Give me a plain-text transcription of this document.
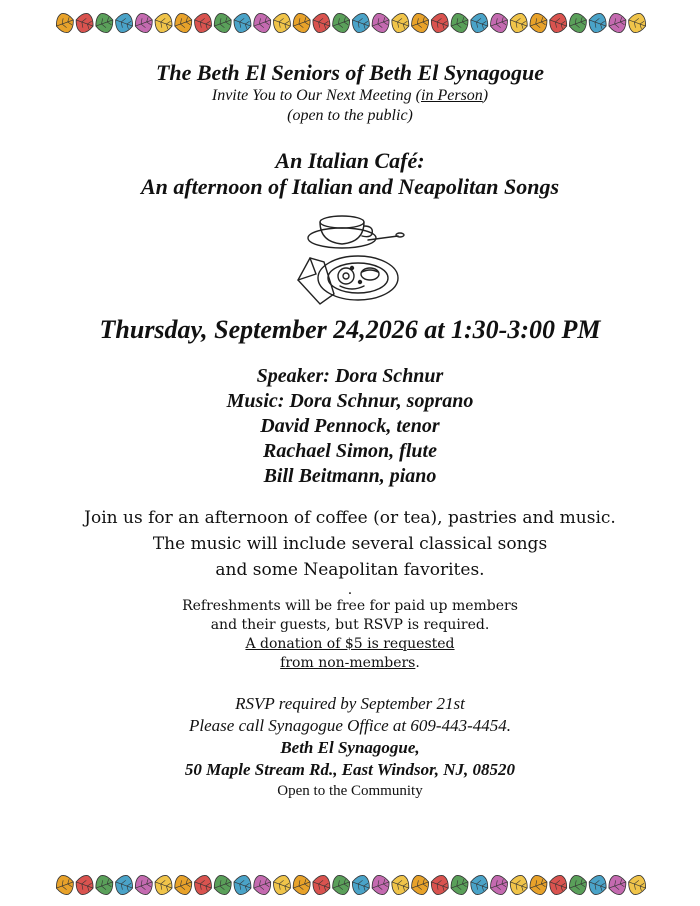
The Beth El Seniors of Beth El Synagogue

Invite You to Our Next Meeting (in Person)

(open to the public)

An Italian Café:

An afternoon of Italian and Neapolitan Songs

Thursday, September 24,2026 at 1:30-3:00 PM

Speaker: Dora Schnur

Music: Dora Schnur, soprano

David Pennock, tenor

Rachael Simon, flute

Bill Beitmann, piano

Join us for an afternoon of coffee (or tea), pastries and music.

The music will include several classical songs

and some Neapolitan favorites.

.

Refreshments will be free for paid up members

and their guests, but RSVP is required.

A donation of $5 is requested

from non-members.

RSVP required by September 21st

Please call Synagogue Office at 609-443-4454.

Beth El Synagogue,

50 Maple Stream Rd., East Windsor, NJ, 08520

Open to the Community
